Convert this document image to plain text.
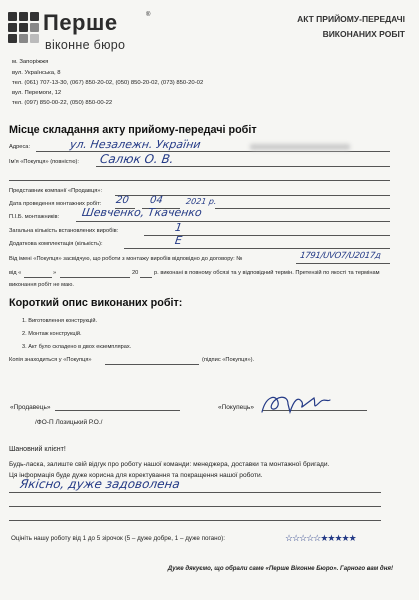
Перше	®
віконне бюро
АКТ ПРИЙОМУ-ПЕРЕДАЧІ
ВИКОНАНИХ РОБІТ
м. Запоріжжя
вул. Українська, 8
тел. (061) 707-13-30, (067) 850-20-02, (050) 850-20-02, (073) 850-20-02
вул. Перемоги, 12
тел. (097) 850-00-22, (050) 850-00-22
Місце складання акту прийому-передачі робіт
Адреса:	ул. Незалежн. України
Ім'я «Покупця» (повністю): Салюк О. В.
Представник компанії «Продавця»:
Дата проведення монтажних робіт: 20 04	2021 р.
П.І.Б. монтажників: Шевченко, Ткаченко
Загальна кількість встановлених виробів:	1
Додаткова комплектація (кількість):	Е
Від імені «Покупця» засвідчую, що роботи з монтажу виробів відповідно до договору: №	1791/UVO7/U2017д
від «	»	20	р. виконані в повному обсязі та у відповідний термін. Претензій по якості та термінам
виконання робіт не маю.
Короткий опис виконаних робіт:
1. Виготовлення конструкцій.
2. Монтаж конструкцій.
3. Акт було складено в двох екземплярах.
Копія знаходиться у «Покупця»	(підпис «Покупця»).
«Продавець»
/ФО-П Лозицький Р.О./
«Покупець»
Шановний клієнт!
Будь-ласка, залиште свій відгук про роботу нашої команди: менеджера, доставки та монтажної бригади.
Ця інформація буде дуже корисна для коректування та покращення нашої роботи.
Якісно, дуже задоволена
Оцініть нашу роботу від 1 до 5 зірочок (5 – дуже добре, 1 – дуже погано):	☆☆☆☆☆★★★★★
Дуже дякуємо, що обрали саме «Перше Віконне Бюро». Гарного вам дня!
